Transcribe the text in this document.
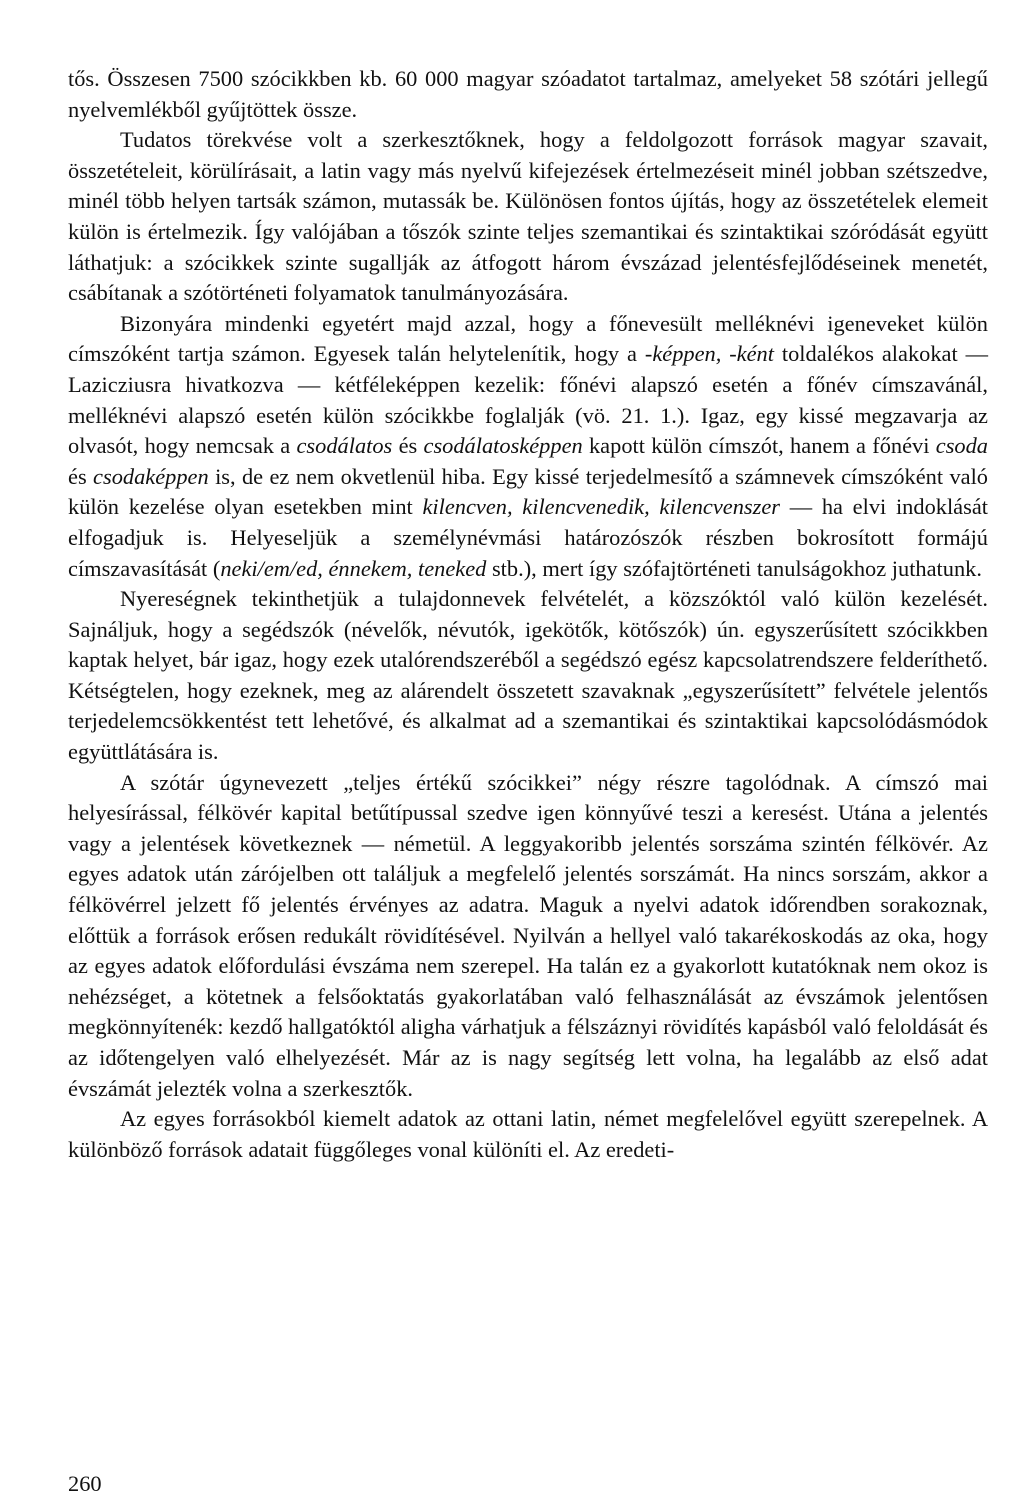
tős. Összesen 7500 szócikkben kb. 60 000 magyar szóadatot tartalmaz, amelyeket 58 szótári jellegű nyelvemlékből gyűjtöttek össze.

Tudatos törekvése volt a szerkesztőknek, hogy a feldolgozott források magyar szavait, összetételeit, körülírásait, a latin vagy más nyelvű kifejezések értelmezéseit minél jobban szétszedve, minél több helyen tartsák számon, mutassák be. Különösen fontos újítás, hogy az összetételek elemeit külön is értelmezik. Így valójában a tőszók szinte teljes szemantikai és szintaktikai szóródását együtt láthatjuk: a szócikkek szinte sugallják az átfogott három évszázad jelentésfejlődéseinek menetét, csábítanak a szótörténeti folyamatok tanulmányozására.

Bizonyára mindenki egyetért majd azzal, hogy a főnevesült melléknévi igeneveket külön címszóként tartja számon. Egyesek talán helytelenítik, hogy a -képpen, -ként toldalékos alakokat — Lazicziusra hivatkozva — kétféleképpen kezelik: főnévi alapszó esetén a főnév címszavánál, melléknévi alapszó esetén külön szócikkbe foglalják (vö. 21. 1.). Igaz, egy kissé megzavarja az olvasót, hogy nemcsak a csodálatos és csodálatosképpen kapott külön címszót, hanem a főnévi csoda és csodaképpen is, de ez nem okvetlenül hiba. Egy kissé terjedelmesítő a számnevek címszóként való külön kezelése olyan esetekben mint kilencven, kilencvenedik, kilencvenszer — ha elvi indoklását elfogadjuk is. Helyeseljük a személynévmási határozószók részben bokrosított formájú címszavasítását (neki/em/ed, énnekem, teneked stb.), mert így szófajtörténeti tanulságokhoz juthatunk.

Nyereségnek tekinthetjük a tulajdonnevek felvételét, a közszóktól való külön kezelését. Sajnáljuk, hogy a segédszók (névelők, névutók, igekötők, kötőszók) ún. egyszerűsített szócikkben kaptak helyet, bár igaz, hogy ezek utalórendszeréből a segédszó egész kapcsolatrendszere felderíthető. Kétségtelen, hogy ezeknek, meg az alárendelt összetett szavaknak „egyszerűsített” felvétele jelentős terjedelemcsökkentést tett lehetővé, és alkalmat ad a szemantikai és szintaktikai kapcsolódásmódok együttlátására is.

A szótár úgynevezett „teljes értékű szócikkei” négy részre tagolódnak. A címszó mai helyesírással, félkövér kapital betűtípussal szedve igen könnyűvé teszi a keresést. Utána a jelentés vagy a jelentések következnek — németül. A leggyakoribb jelentés sorszáma szintén félkövér. Az egyes adatok után zárójelben ott találjuk a megfelelő jelentés sorszámát. Ha nincs sorszám, akkor a félkövérrel jelzett fő jelentés érvényes az adatra. Maguk a nyelvi adatok időrendben sorakoznak, előttük a források erősen redukált rövidítésével. Nyilván a hellyel való takarékoskodás az oka, hogy az egyes adatok előfordulási évszáma nem szerepel. Ha talán ez a gyakorlott kutatóknak nem okoz is nehézséget, a kötetnek a felsőoktatás gyakorlatában való felhasználását az évszámok jelentősen megkönnyítenék: kezdő hallgatóktól aligha várhatjuk a félszáznyi rövidítés kapásból való feloldását és az időtengelyen való elhelyezését. Már az is nagy segítség lett volna, ha legalább az első adat évszámát jelezték volna a szerkesztők.

Az egyes forrásokból kiemelt adatok az ottani latin, német megfelelővel együtt szerepelnek. A különböző források adatait függőleges vonal különíti el. Az eredeti-

260
